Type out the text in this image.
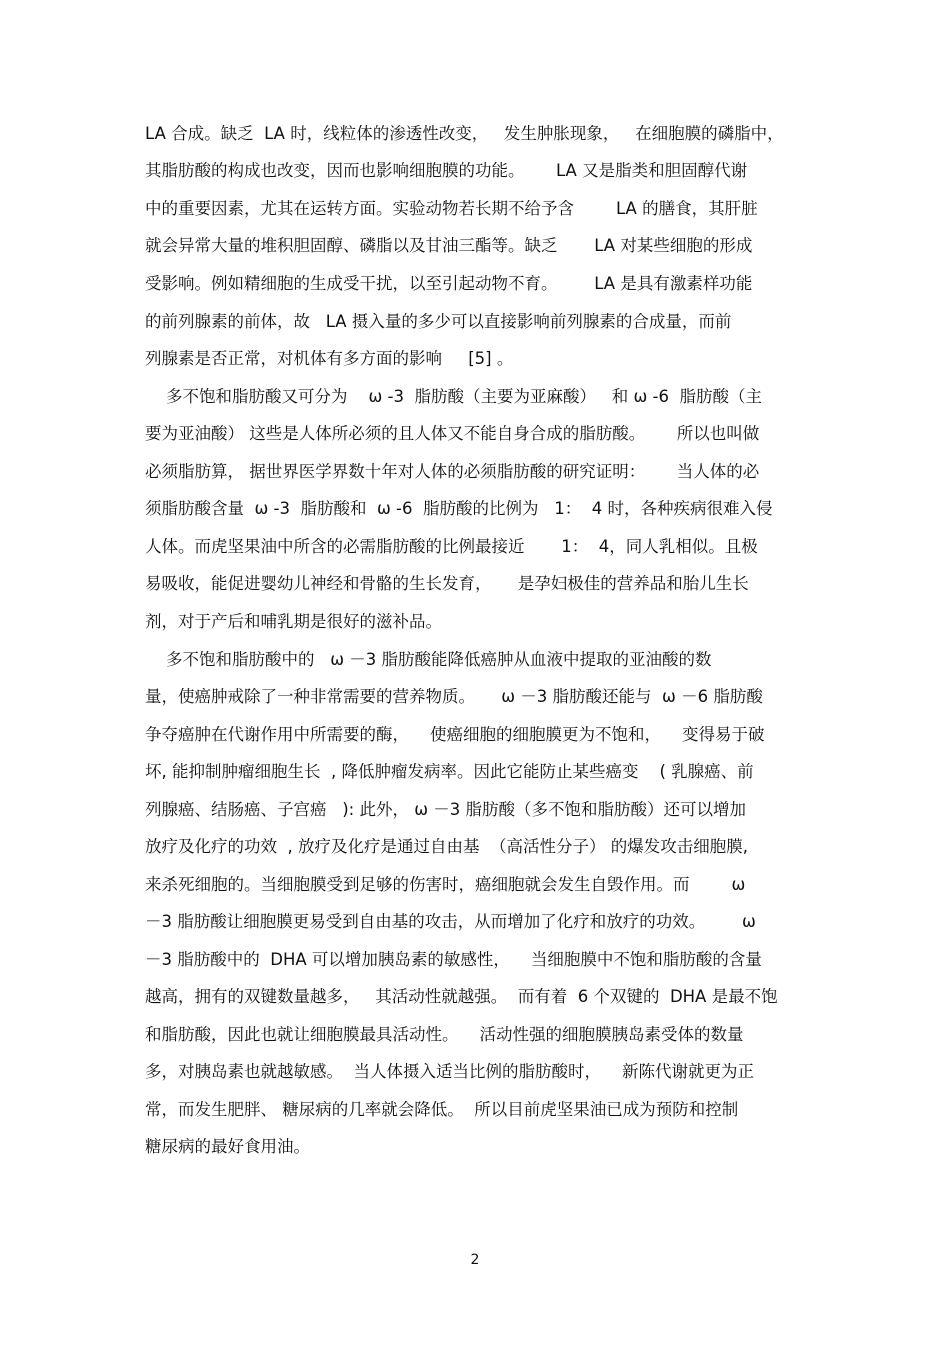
LA 合成。缺乏  LA 时，线粒体的渗透性改变，   发生肿胀现象，   在细胞膜的磷脂中，
其脂肪酸的构成也改变，因而也影响细胞膜的功能。      LA 又是脂类和胆固醇代谢
中的重要因素，尤其在运转方面。实验动物若长期不给予含        LA 的膳食，其肝脏
就会异常大量的堆积胆固醇、磷脂以及甘油三酯等。缺乏       LA 对某些细胞的形成
受影响。例如精细胞的生成受干扰，以至引起动物不育。       LA 是具有激素样功能
的前列腺素的前体，故   LA 摄入量的多少可以直接影响前列腺素的合成量，而前
列腺素是否正常，对机体有多方面的影响     [5] 。
多不饱和脂肪酸又可分为    ω -3  脂肪酸（主要为亚麻酸）   和 ω -6  脂肪酸（主
要为亚油酸） 这些是人体所必须的且人体又不能自身合成的脂肪酸。      所以也叫做
必须脂肪算， 据世界医学界数十年对人体的必须脂肪酸的研究证明：      当人体的必
须脂肪酸含量  ω -3  脂肪酸和  ω -6  脂肪酸的比例为   1：  4 时，各种疾病很难入侵
人体。而虎坚果油中所含的必需脂肪酸的比例最接近       1：  4，同人乳相似。且极
易吸收，能促进婴幼儿神经和骨骼的生长发育，     是孕妇极佳的营养品和胎儿生长
剂，对于产后和哺乳期是很好的滋补品。
多不饱和脂肪酸中的   ω －3 脂肪酸能降低癌肿从血液中提取的亚油酸的数
量，使癌肿戒除了一种非常需要的营养物质。     ω －3 脂肪酸还能与  ω －6 脂肪酸
争夺癌肿在代谢作用中所需要的酶，    使癌细胞的细胞膜更为不饱和，    变得易于破
坏, 能抑制肿瘤细胞生长  , 降低肿瘤发病率。因此它能防止某些癌变    ( 乳腺癌、前
列腺癌、结肠癌、子宫癌   ): 此外， ω －3 脂肪酸（多不饱和脂肪酸）还可以增加
放疗及化疗的功效  , 放疗及化疗是通过自由基  （高活性分子） 的爆发攻击细胞膜,
来杀死细胞的。当细胞膜受到足够的伤害时，癌细胞就会发生自毁作用。而        ω
－3 脂肪酸让细胞膜更易受到自由基的攻击，从而增加了化疗和放疗的功效。       ω
－3 脂肪酸中的  DHA 可以增加胰岛素的敏感性，    当细胞膜中不饱和脂肪酸的含量
越高，拥有的双键数量越多，   其活动性就越强。  而有着  6 个双键的  DHA 是最不饱
和脂肪酸，因此也就让细胞膜最具活动性。    活动性强的细胞膜胰岛素受体的数量
多，对胰岛素也就越敏感。  当人体摄入适当比例的脂肪酸时，    新陈代谢就更为正
常，而发生肥胖、 糖尿病的几率就会降低。  所以目前虎坚果油已成为预防和控制
糖尿病的最好食用油。
2
